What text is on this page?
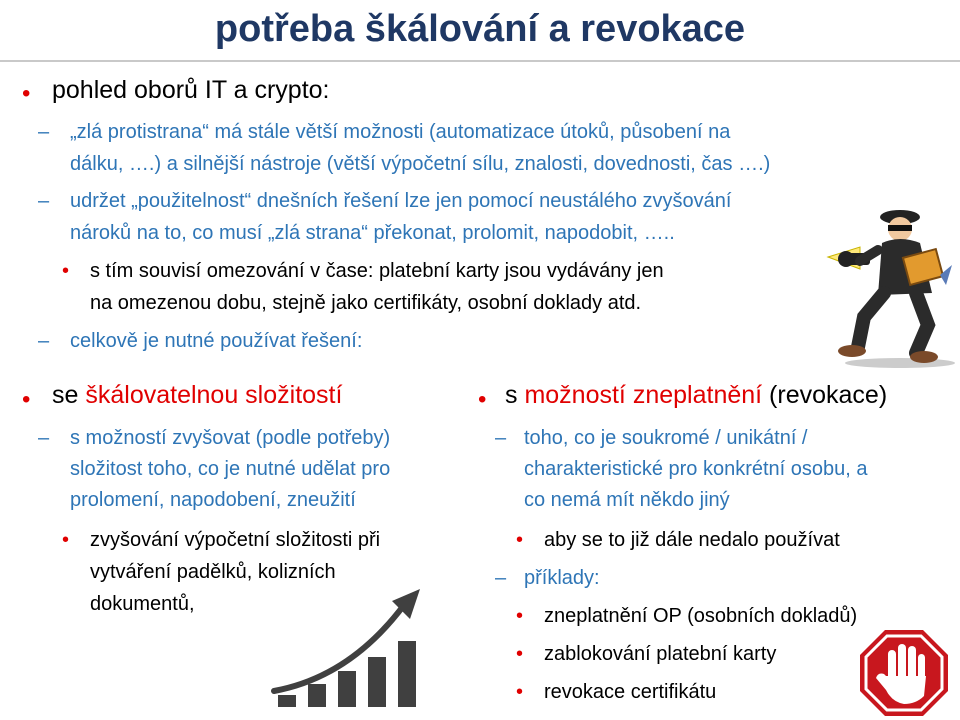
potřeba škálování a revokace
• pohled oborů IT a crypto:
– „zlá protistrana“ má stále větší možnosti (automatizace útoků, působení na
dálku, ….) a silnější nástroje (větší výpočetní sílu, znalosti, dovednosti, čas ….)
– udržet „použitelnost“ dnešních řešení lze jen pomocí neustálého zvyšování
nároků na to, co musí „zlá strana“ překonat, prolomit, napodobit, …..
• s tím souvisí omezování v čase: platební karty jsou vydávány jen
na omezenou dobu, stejně jako certifikáty, osobní doklady atd.
– celkově je nutné používat řešení:
• se škálovatelnou složitostí
– s možností zvyšovat (podle potřeby)
složitost toho, co je nutné udělat pro
prolomení, napodobení, zneužití
• zvyšování výpočetní složitosti při
vytváření padělků, kolizních
dokumentů,
• s možností zneplatnění (revokace)
– toho, co je soukromé / unikátní /
charakteristické pro konkrétní osobu, a
co nemá mít někdo jiný
• aby se to již dále nedalo používat
– příklady:
• zneplatnění OP (osobních dokladů)
• zablokování platební karty
• revokace certifikátu
